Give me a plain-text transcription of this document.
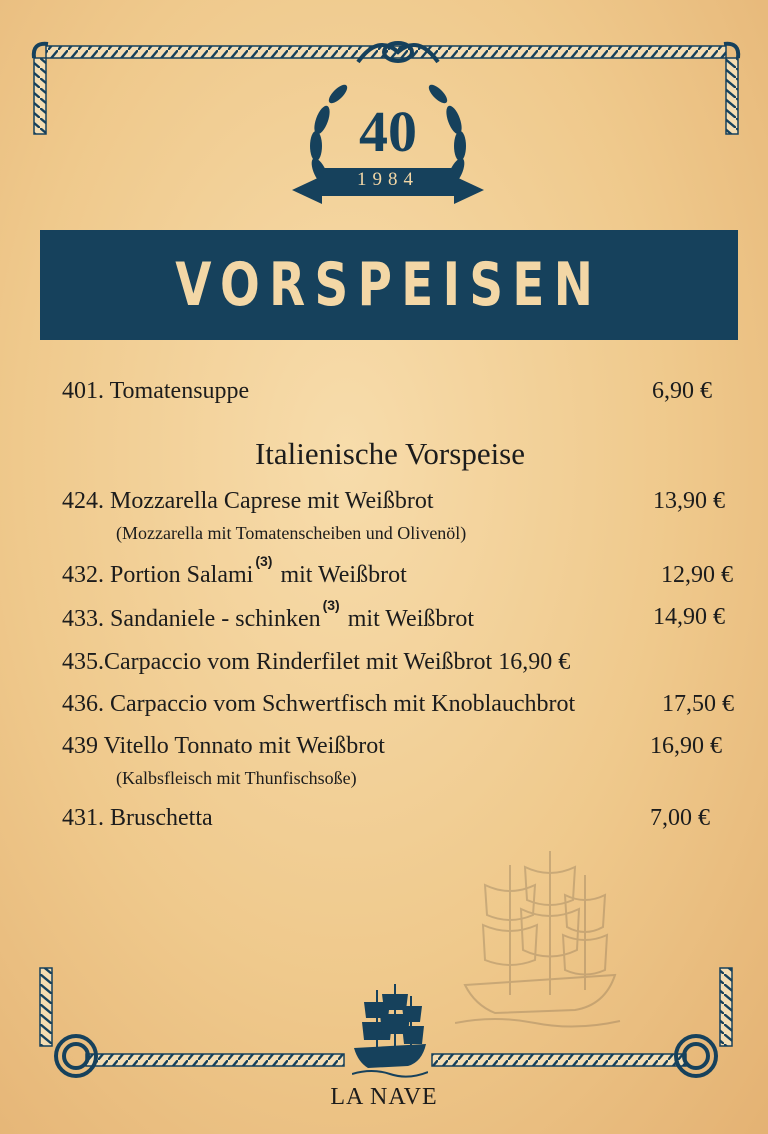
40
1984
VORSPEISEN
401. Tomatensuppe	6,90 €
Italienische Vorspeise
424. Mozzarella Caprese mit Weißbrot	13,90 €
(Mozzarella mit Tomatenscheiben und Olivenöl)
432. Portion Salami$^{(3)}$ mit Weißbrot	12,90 €
433. Sandaniele - schinken$^{(3)}$ mit Weißbrot	14,90 €
435.Carpaccio vom Rinderfilet mit Weißbrot 16,90 €
436. Carpaccio vom Schwertfisch mit Knoblauchbrot	17,50 €
439 Vitello Tonnato mit Weißbrot	16,90 €
(Kalbsfleisch mit Thunfischsoße)
431. Bruschetta	7,00 €
LA NAVE
